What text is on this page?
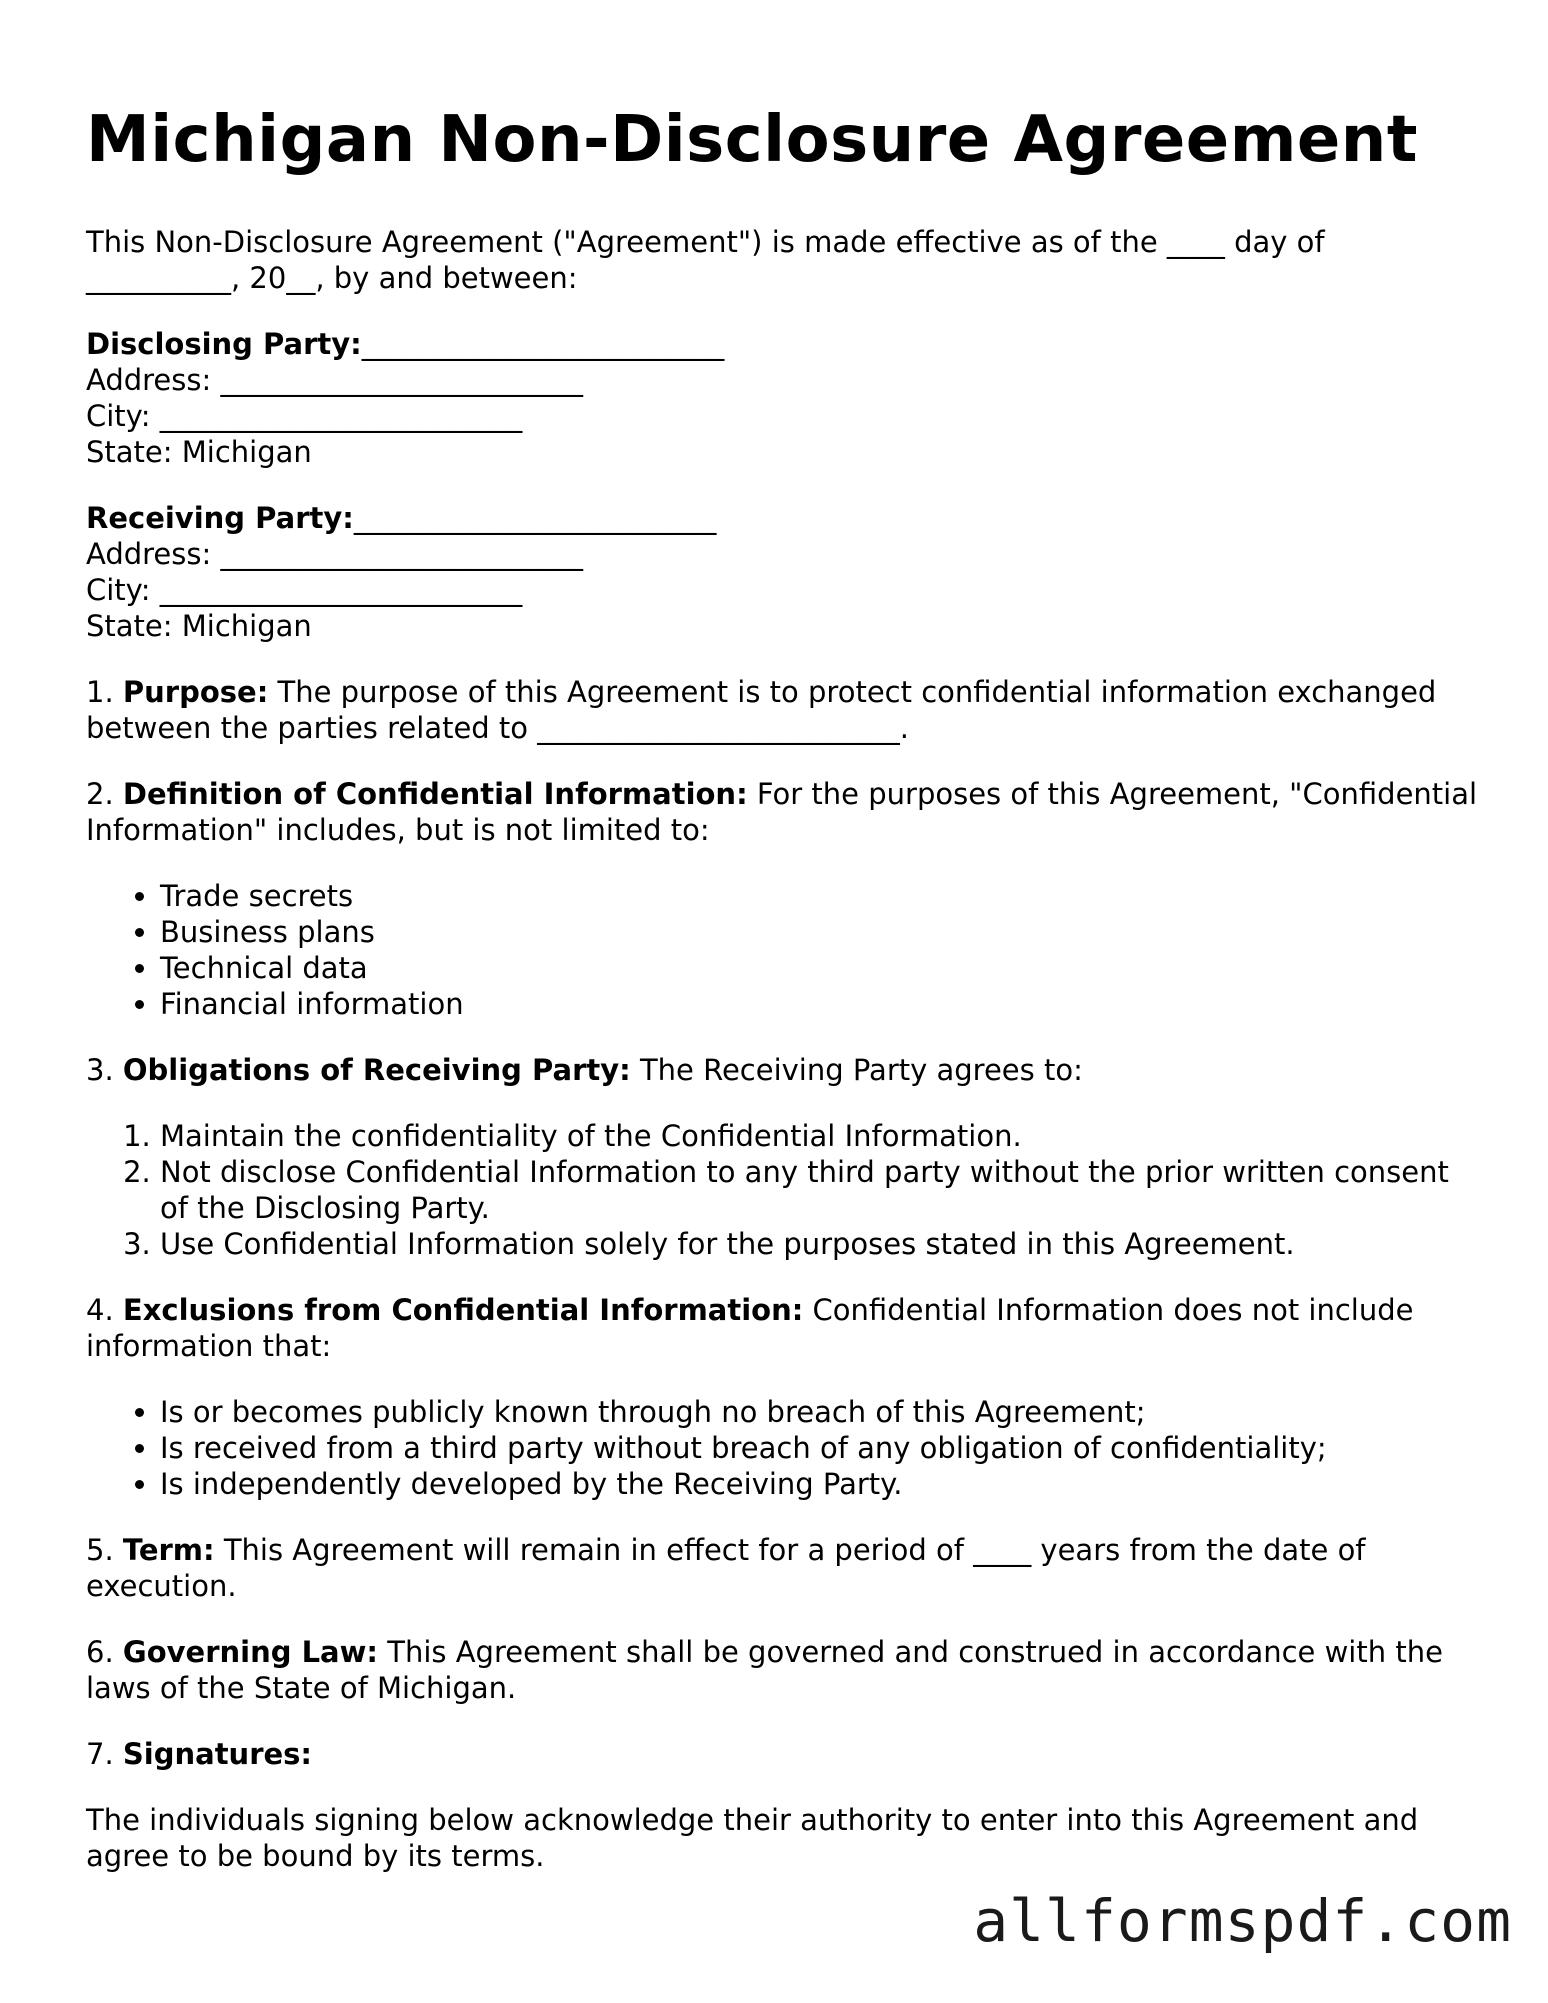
Michigan Non-Disclosure Agreement

This Non-Disclosure Agreement ("Agreement") is made effective as of the ____ day of __________, 20__, by and between:

Disclosing Party:_________________________
Address: _________________________
City: _________________________
State: Michigan
Receiving Party:_________________________
Address: _________________________
City: _________________________
State: Michigan

1. Purpose: The purpose of this Agreement is to protect confidential information exchanged between the parties related to _________________________.

2. Definition of Confidential Information: For the purposes of this Agreement, "Confidential Information" includes, but is not limited to:

• Trade secrets
• Business plans
• Technical data
• Financial information

3. Obligations of Receiving Party: The Receiving Party agrees to:

1. Maintain the confidentiality of the Confidential Information.
2. Not disclose Confidential Information to any third party without the prior written consent of the Disclosing Party.
3. Use Confidential Information solely for the purposes stated in this Agreement.

4. Exclusions from Confidential Information: Confidential Information does not include information that:

• Is or becomes publicly known through no breach of this Agreement;
• Is received from a third party without breach of any obligation of confidentiality;
• Is independently developed by the Receiving Party.

5. Term: This Agreement will remain in effect for a period of ____ years from the date of execution.

6. Governing Law: This Agreement shall be governed and construed in accordance with the laws of the State of Michigan.

7. Signatures:

The individuals signing below acknowledge their authority to enter into this Agreement and agree to be bound by its terms.

allformspdf.com
